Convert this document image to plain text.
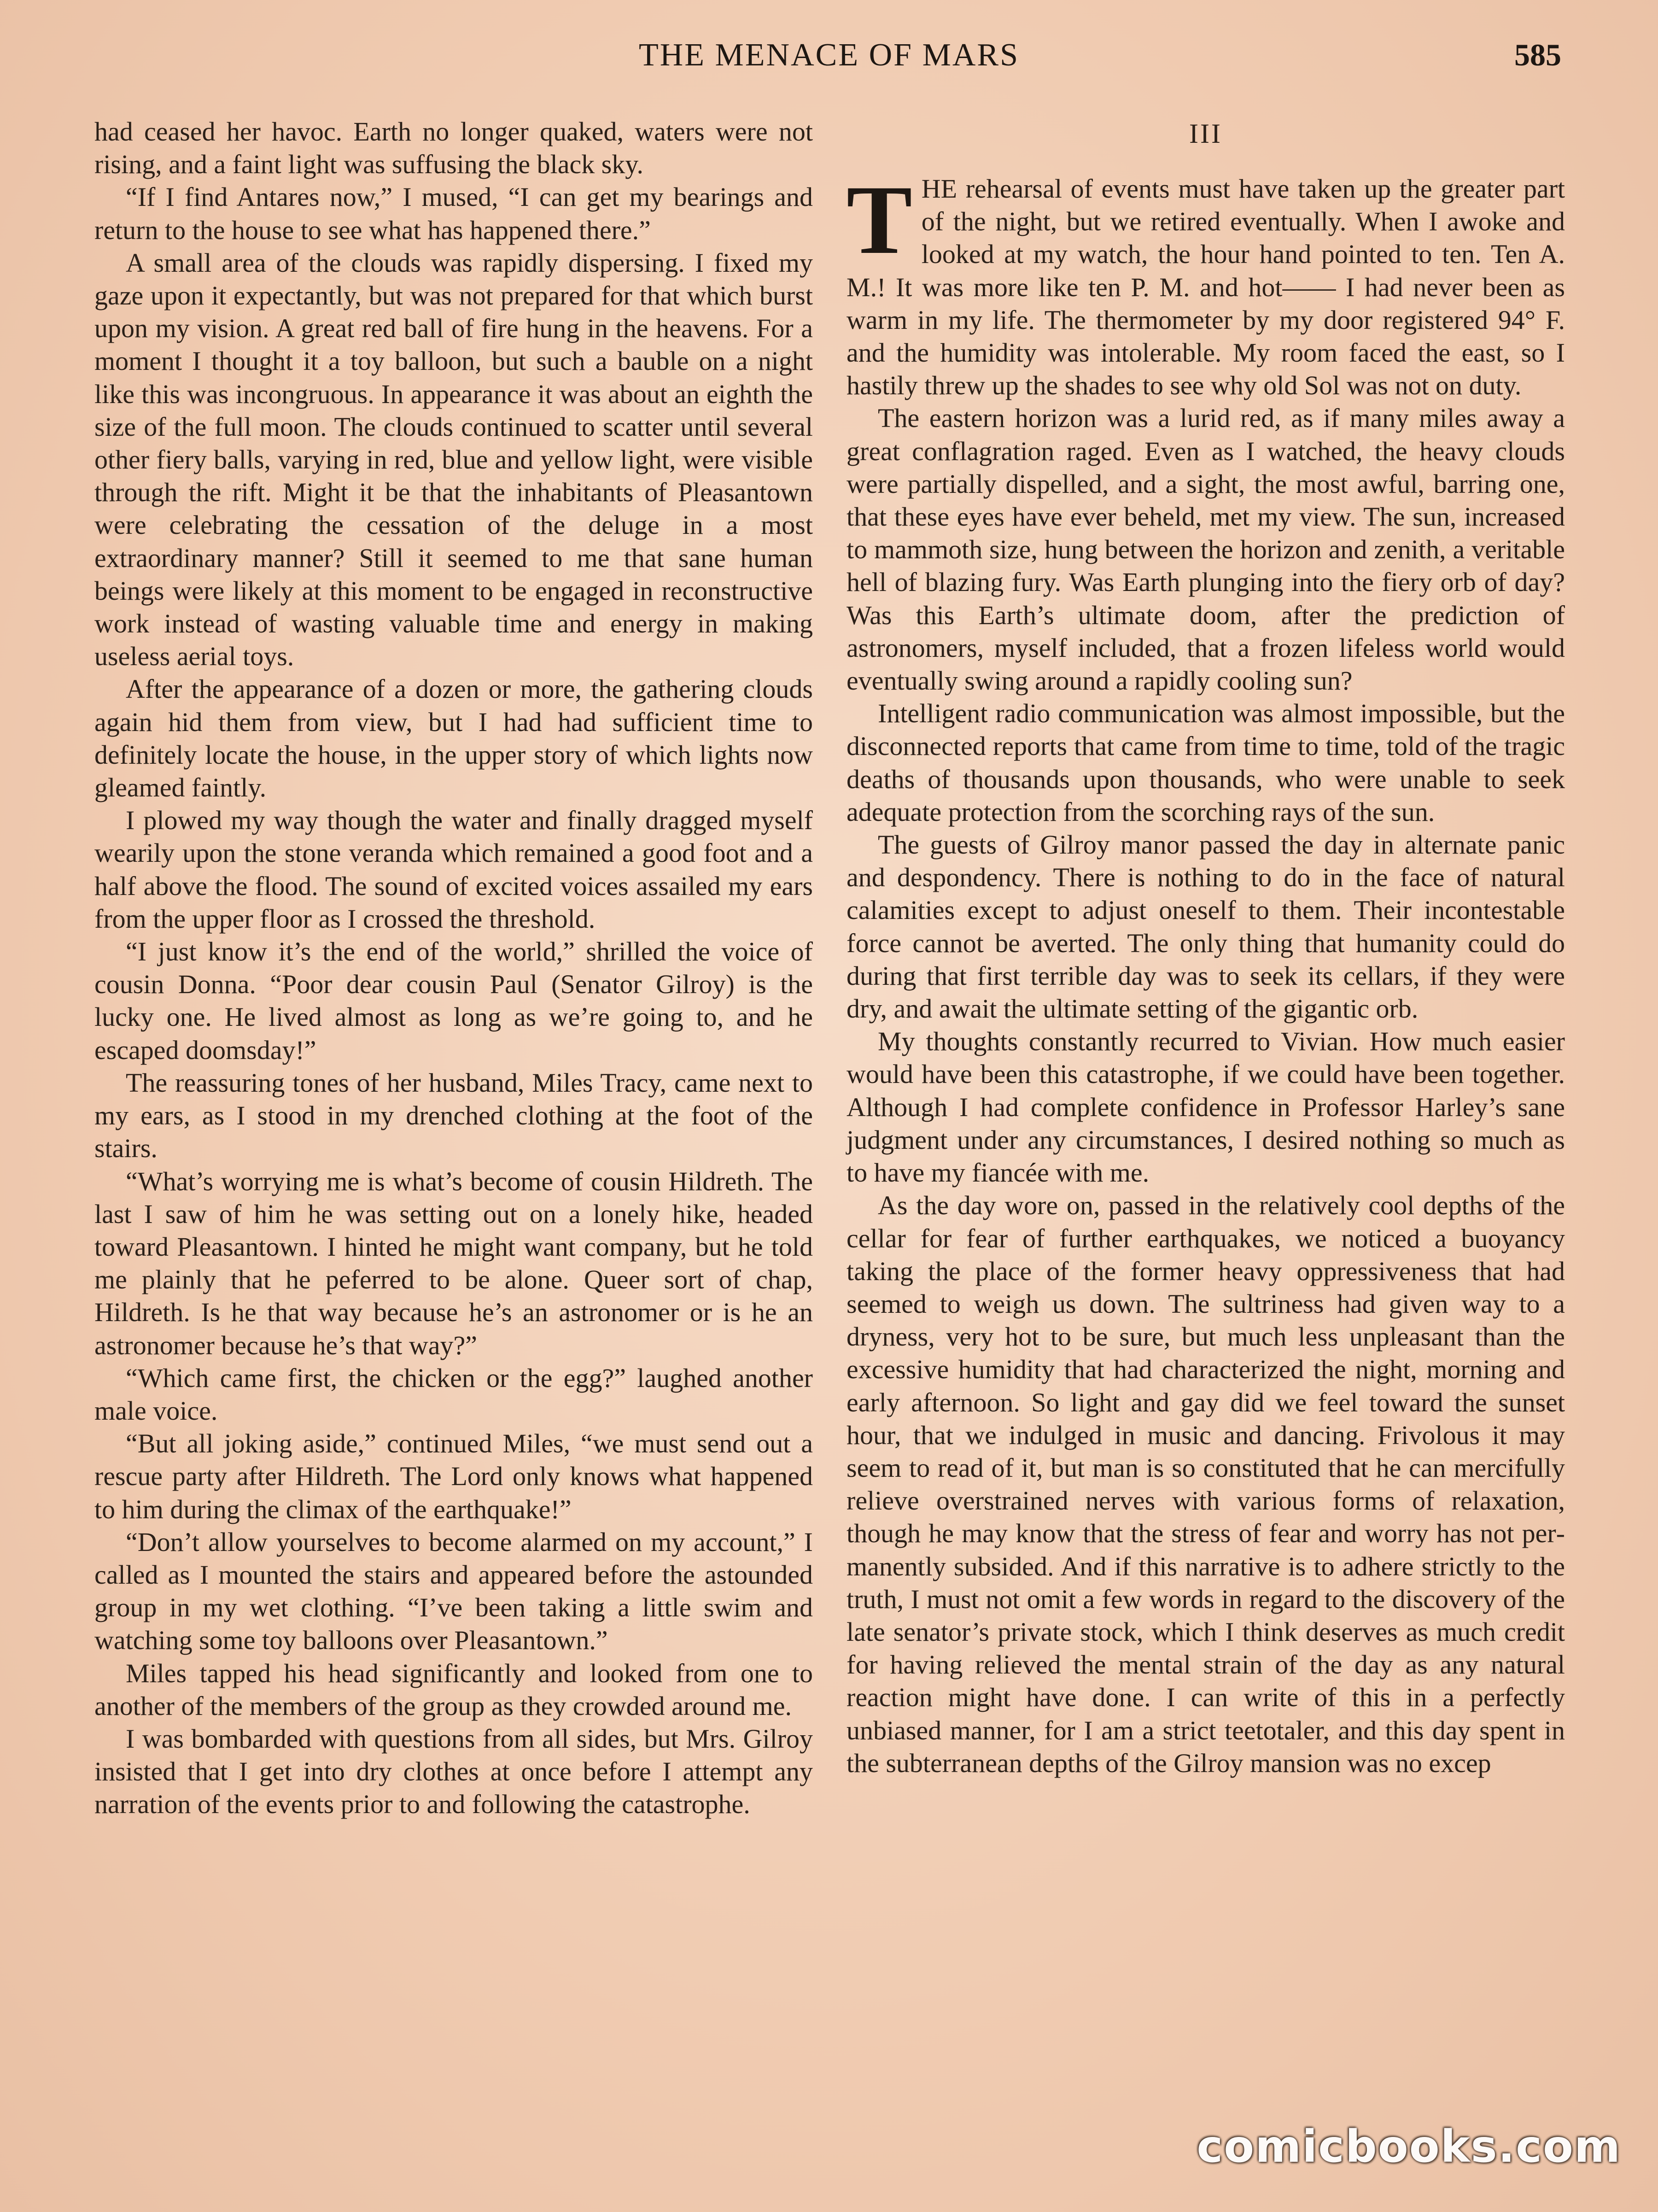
THE MENACE OF MARS	585

had ceased her havoc. Earth no longer quaked, waters were not rising, and a faint light was suffusing the black sky.

“If I find Antares now,” I mused, “I can get my bearings and return to the house to see what has happened there.”

A small area of the clouds was rapidly dispersing. I fixed my gaze upon it expectantly, but was not prepared for that which burst upon my vision. A great red ball of fire hung in the heavens. For a moment I thought it a toy balloon, but such a bauble on a night like this was incongruous. In appearance it was about an eighth the size of the full moon. The clouds continued to scatter until several other fiery balls, varying in red, blue and yellow light, were visible through the rift. Might it be that the inhabitants of Pleasantown were celebrating the cessation of the deluge in a most extraordinary manner? Still it seemed to me that sane human beings were likely at this moment to be engaged in reconstructive work instead of wasting valuable time and energy in making useless aerial toys.

After the appearance of a dozen or more, the gathering clouds again hid them from view, but I had had sufficient time to definitely locate the house, in the upper story of which lights now gleamed faintly.

I plowed my way though the water and finally dragged myself wearily upon the stone veranda which remained a good foot and a half above the flood. The sound of excited voices assailed my ears from the upper floor as I crossed the threshold.

“I just know it’s the end of the world,” shrilled the voice of cousin Donna. “Poor dear cousin Paul (Senator Gilroy) is the lucky one. He lived almost as long as we’re going to, and he escaped doomsday!”

The reassuring tones of her husband, Miles Tracy, came next to my ears, as I stood in my drenched clothing at the foot of the stairs.

“What’s worrying me is what’s become of cousin Hildreth. The last I saw of him he was setting out on a lonely hike, headed toward Pleasantown. I hinted he might want company, but he told me plainly that he peferred to be alone. Queer sort of chap, Hildreth. Is he that way because he’s an astronomer or is he an astronomer because he’s that way?”

“Which came first, the chicken or the egg?” laughed another male voice.

“But all joking aside,” continued Miles, “we must send out a rescue party after Hildreth. The Lord only knows what happened to him during the climax of the earthquake!”

“Don’t allow yourselves to become alarmed on my account,” I called as I mounted the stairs and appeared before the astounded group in my wet clothing. “I’ve been taking a little swim and watching some toy balloons over Pleasantown.”

Miles tapped his head significantly and looked from one to another of the members of the group as they crowded around me.

I was bombarded with questions from all sides, but Mrs. Gilroy insisted that I get into dry clothes at once before I attempt any narration of the events prior to and following the catastrophe.

III
T HE rehearsal of events must have taken up the greater part of the night, but we retired eventually. When I awoke and looked at my watch, the hour hand pointed to ten. Ten A. M.! It was more like ten P. M. and hot—— I had never been as warm in my life. The thermometer by my door registered 94° F. and the humidity was intolerable. My room faced the east, so I hastily threw up the shades to see why old Sol was not on duty.

The eastern horizon was a lurid red, as if many miles away a great conflagration raged. Even as I watched, the heavy clouds were partially dispelled, and a sight, the most awful, barring one, that these eyes have ever beheld, met my view. The sun, increased to mammoth size, hung between the horizon and zenith, a veritable hell of blazing fury. Was Earth plunging into the fiery orb of day? Was this Earth’s ultimate doom, after the prediction of astronomers, myself included, that a frozen lifeless world would eventually swing around a rapidly cooling sun?

Intelligent radio communication was almost impossible, but the disconnected reports that came from time to time, told of the tragic deaths of thousands upon thousands, who were unable to seek adequate protection from the scorching rays of the sun.

The guests of Gilroy manor passed the day in alternate panic and despondency. There is nothing to do in the face of natural calamities except to adjust oneself to them. Their incontestable force cannot be averted. The only thing that humanity could do during that first terrible day was to seek its cellars, if they were dry, and await the ultimate setting of the gigantic orb.

My thoughts constantly recurred to Vivian. How much easier would have been this catastrophe, if we could have been together. Although I had complete confidence in Professor Harley’s sane judgment under any circumstances, I desired nothing so much as to have my fiancée with me.

As the day wore on, passed in the relatively cool depths of the cellar for fear of further earthquakes, we noticed a buoyancy taking the place of the former heavy oppressiveness that had seemed to weigh us down. The sultriness had given way to a dryness, very hot to be sure, but much less unpleasant than the excessive humidity that had characterized the night, morning and early afternoon. So light and gay did we feel toward the sunset hour, that we indulged in music and dancing. Frivolous it may seem to read of it, but man is so constituted that he can mercifully relieve overstrained nerves with various forms of relaxation, though he may know that the stress of fear and worry has not permanently subsided. And if this narrative is to adhere strictly to the truth, I must not omit a few words in regard to the discovery of the late senator’s private stock, which I think deserves as much credit for having relieved the mental strain of the day as any natural reaction might have done. I can write of this in a perfectly unbiased manner, for I am a strict teetotaler, and this day spent in the subterranean depths of the Gilroy mansion was no excep

comicbooks.com
